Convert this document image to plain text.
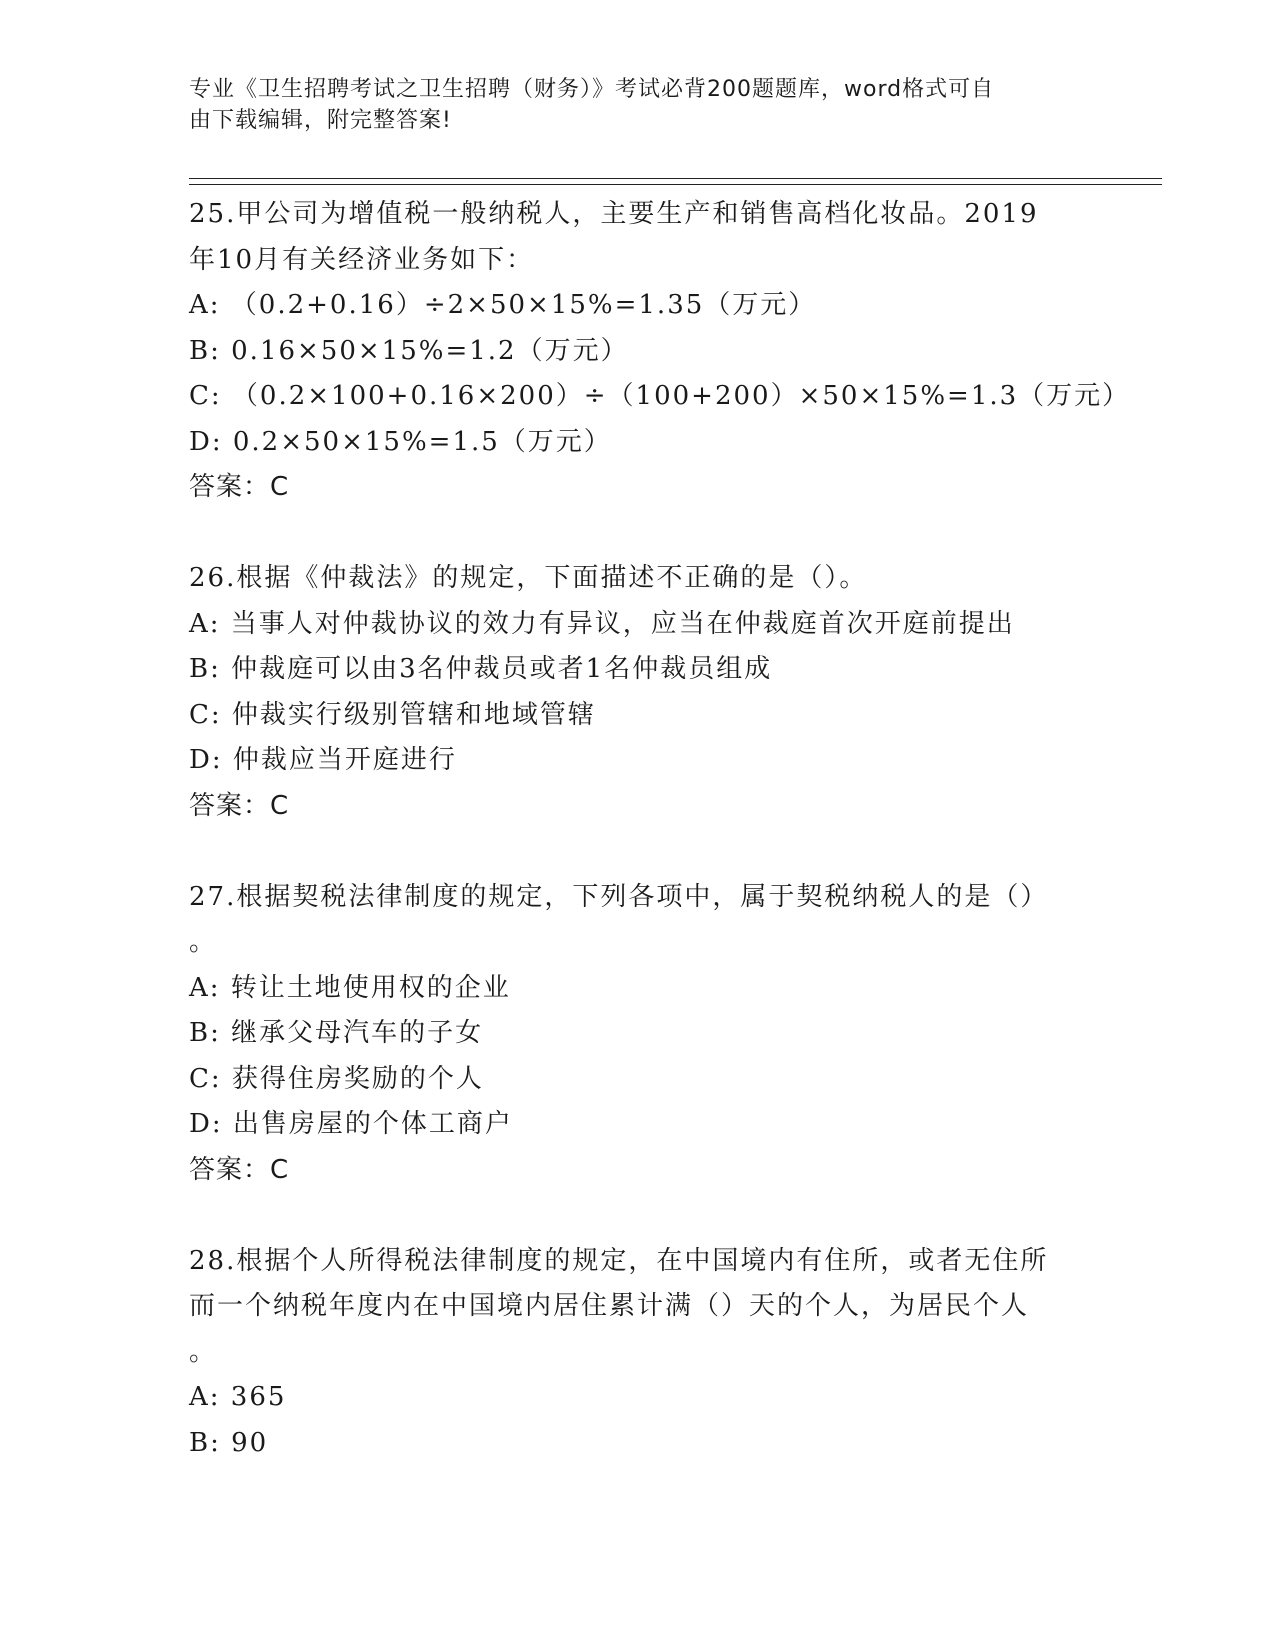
专业《卫生招聘考试之卫生招聘（财务）》考试必背200题题库，word格式可自
由下载编辑，附完整答案!
25.甲公司为增值税一般纳税人，主要生产和销售高档化妆品。2019
年10月有关经济业务如下：
A: （0.2+0.16）÷2×50×15%=1.35（万元）
B: 0.16×50×15%=1.2（万元）
C: （0.2×100+0.16×200）÷（100+200）×50×15%=1.3（万元）
D: 0.2×50×15%=1.5（万元）
答案：C
26.根据《仲裁法》的规定，下面描述不正确的是（）。
A: 当事人对仲裁协议的效力有异议，应当在仲裁庭首次开庭前提出
B: 仲裁庭可以由3名仲裁员或者1名仲裁员组成
C: 仲裁实行级别管辖和地域管辖
D: 仲裁应当开庭进行
答案：C
27.根据契税法律制度的规定，下列各项中，属于契税纳税人的是（）
。
A: 转让土地使用权的企业
B: 继承父母汽车的子女
C: 获得住房奖励的个人
D: 出售房屋的个体工商户
答案：C
28.根据个人所得税法律制度的规定，在中国境内有住所，或者无住所
而一个纳税年度内在中国境内居住累计满（）天的个人，为居民个人
。
A: 365
B: 90
